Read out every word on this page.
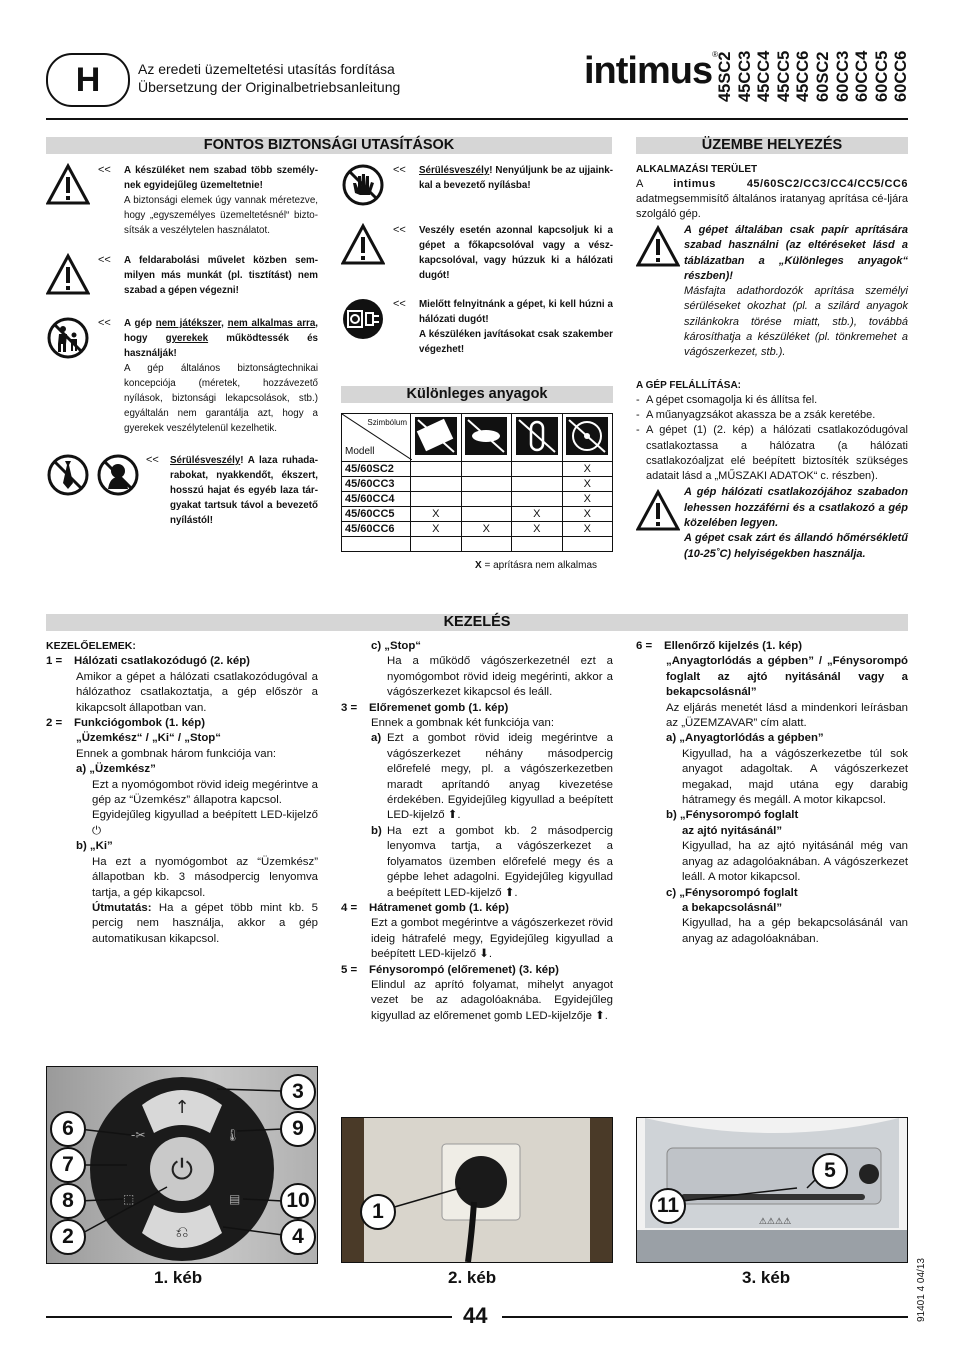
H	Az eredeti üzemeltetési utasítás fordítása
Übersetzung der Originalbetriebsanleitung	intimus®
45SC2 45CC3 45CC4 45CC5 45CC6 60SC2 60CC3 60CC4 60CC5 60CC6
FONTOS BIZTONSÁGI UTASÍTÁSOK
<<	A készüléket nem szabad több személy-nek egyidejűleg üzemeltetnie!
A biztonsági elemek úgy vannak méretezve, hogy „egyszemélyes üzemeltetésnél“ bizto-sítsák a veszélytelen használatot.
<<	A feldarabolási művelet közben sem-milyen más munkát (pl. tisztítást) nem szabad a gépen végezni!
<<	A gép nem játékszer, nem alkalmas arra, hogy gyerekek működtessék és használják!
A gép általános biztonságtechnikai koncepciója (méretek, hozzávezető nyílások, biztonsági lekapcsolások, stb.) egyáltalán nem garantálja azt, hogy a gyerekek veszélytelenül kezelhetik.
<<	Sérülésveszély! A laza ruhada-rabokat, nyakkendőt, ékszert, hosszú hajat és egyéb laza tár-gyakat tartsuk távol a bevezető nyílástól!
<<	Sérülésveszély! Nenyúljunk be az ujjaink-kal a bevezető nyílásba!
<<	Veszély esetén azonnal kapcsoljuk ki a gépet a főkapcsolóval vagy a vész-kapcsolóval, vagy húzzuk ki a hálózati dugót!
<<	Mielőtt felnyitnánk a gépet, ki kell húzni a hálózati dugót!
A készüléken javításokat csak szakember végezhet!
Különleges anyagok
Szimbólum
Modell

45/60SC2				X
45/60CC3				X
45/60CC4				X
45/60CC5	X		X	X
45/60CC6	X	X	X	X

X = aprításra nem alkalmas
ÜZEMBE HELYEZÉS
ALKALMAZÁSI TERÜLET
A intimus 45/60SC2/CC3/CC4/CC5/CC6 adatmegsemmisítő általános iratanyag aprítása cé-ljára szolgáló gép.
A gépet általában csak papír aprítására szabad használni (az eltéréseket lásd a táblázatban a „Különleges anyagok“ részben)!
Másfajta adathordozók aprítása személyi sérüléseket okozhat (pl. a szilárd anyagok szilánkokra törése miatt, stb.), továbbá károsíthatja a készüléket (pl. tönkremehet a vágószerkezet, stb.).
A GÉP FELÁLLÍTÁSA:
- A gépet csomagolja ki és állítsa fel.
- A műanyagzsákot akassza be a zsák keretébe.
- A gépet (1) (2. kép) a hálózati csatlakozódugóval csatlakoztassa a hálózatra (a hálózati csatlakozóaljzat elé beépített biztosíték szükséges adatait lásd a „MŰSZAKI ADATOK“ c. részben).
A gép hálózati csatlakozójához szabadon lehessen hozzáférni és a csatlakozó a gép közelében legyen.
A gépet csak zárt és állandó hőmérsékletű (10-25˚C) helyiségekben használja.
KEZELÉS
KEZELŐELEMEK:
1 =	Hálózati csatlakozódugó (2. kép)
Amikor a gépet a hálózati csatlakozódugóval a hálózathoz csatlakoztatja, a gép először a kikapcsolt állapotban van.
2 =	Funkciógombok (1. kép)
„Üzemkész“ / „Ki“ / „Stop“
Ennek a gombnak három funkciója van:
a) „Üzemkész”
Ezt a nyomógombot rövid ideig megérintve a gép az “Üzemkész” állapotra kapcsol.
Egyidejűleg kigyullad a beépített LED-kijelző ⏻
b) „Ki”
Ha ezt a nyomógombot az “Üzemkész” állapotban kb. 3 másodpercig lenyomva tartja, a gép kikapcsol.
Útmutatás: Ha a gépet több mint kb. 5 percig nem használja, akkor a gép automatikusan kikapcsol.
c) „Stop“
Ha a működő vágószerkezetnél ezt a nyomógombot rövid ideig megérinti, akkor a vágószerkezet kikapcsol és leáll.
3 =	Előremenet gomb (1. kép)
Ennek a gombnak két funkciója van:
a) Ezt a gombot rövid ideig megérintve a vágószerkezet néhány másodpercig előrefelé megy, pl. a vágószerkezetben maradt aprítandó anyag kivezetése érdekében. Egyidejűleg kigyullad a beépített LED-kijelző ⬆.
b) Ha ezt a gombot kb. 2 másodpercig lenyomva tartja, a vágószerkezet a folyamatos üzemben előrefelé megy és a gépbe lehet adagolni. Egyidejűleg kigyullad a beépített LED-kijelző ⬆.
4 =	Hátramenet gomb (1. kép)
Ezt a gombot megérintve a vágószerkezet rövid ideig hátrafelé megy, Egyidejűleg kigyullad a beépített LED-kijelző ⬇.
5 =	Fénysorompó (előremenet) (3. kép)
Elindul az aprító folyamat, mihelyt anyagot vezet be az adagolóaknába. Egyidejűleg kigyullad az előremenet gomb LED-kijelzője ⬆.
6 =	Ellenőrző kijelzés (1. kép)
„Anyagtorlódás a gépben” / „Fénysorompó foglalt az ajtó nyitásánál vagy a bekapcsolásnál”
Az eljárás menetét lásd a mindenkori leírásban az „ÜZEMZAVAR” cím alatt.
a) „Anyagtorlódás a gépben”
Kigyullad, ha a vágószerkezetbe túl sok anyagot adagoltak. A vágószerkezet megakad, majd utána egy darabig hátramegy és megáll. A motor kikapcsol.
b) „Fénysorompó foglalt
az ajtó nyitásánál”
Kigyullad, ha az ajtó nyitásánál még van anyag az adagolóaknában. A vágószerkezet leáll. A motor kikapcsol.
c) „Fénysorompó foglalt
a bekapcsolásnál”
Kigyullad, ha a gép bekapcsolásánál van anyag az adagolóaknában.
⏻
↑
⎌
-✂	🌡
⬚	▤
3
6	9
7
8	10
2	4
1. kéb
1
2. kéb
⚠⚠⚠⚠
5
11
3. kéb
44	91401 4 04/13
